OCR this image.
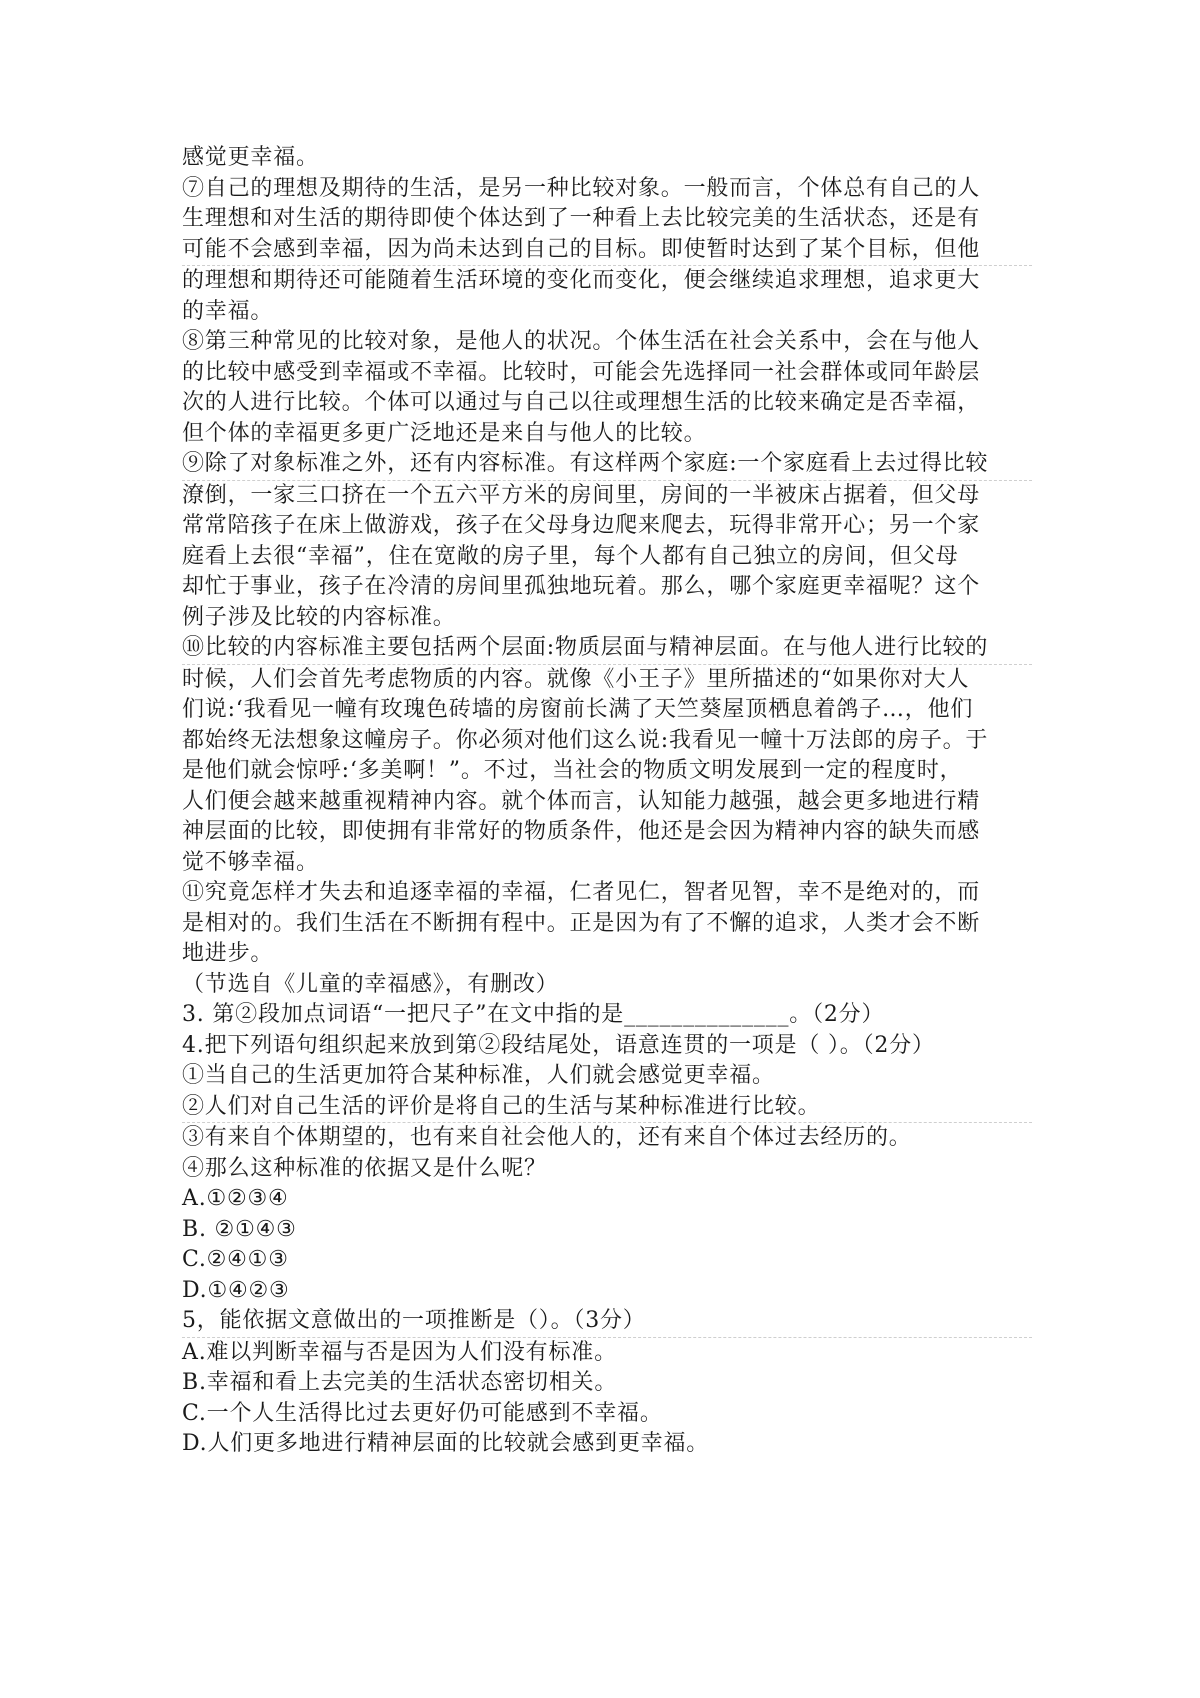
感觉更幸福。
⑦自己的理想及期待的生活，是另一种比较对象。一般而言，个体总有自己的人
生理想和对生活的期待即使个体达到了一种看上去比较完美的生活状态，还是有
可能不会感到幸福，因为尚未达到自己的目标。即使暂时达到了某个目标，但他
的理想和期待还可能随着生活环境的变化而变化，便会继续追求理想，追求更大
的幸福。
⑧第三种常见的比较对象，是他人的状况。个体生活在社会关系中，会在与他人
的比较中感受到幸福或不幸福。比较时，可能会先选择同一社会群体或同年龄层
次的人进行比较。个体可以通过与自己以往或理想生活的比较来确定是否幸福，
但个体的幸福更多更广泛地还是来自与他人的比较。
⑨除了对象标准之外，还有内容标准。有这样两个家庭:一个家庭看上去过得比较
潦倒，一家三口挤在一个五六平方米的房间里，房间的一半被床占据着，但父母
常常陪孩子在床上做游戏，孩子在父母身边爬来爬去，玩得非常开心；另一个家
庭看上去很“幸福”，住在宽敞的房子里，每个人都有自己独立的房间，但父母
却忙于事业，孩子在冷清的房间里孤独地玩着。那么，哪个家庭更幸福呢？这个
例子涉及比较的内容标准。
⑩比较的内容标准主要包括两个层面:物质层面与精神层面。在与他人进行比较的
时候，人们会首先考虑物质的内容。就像《小王子》里所描述的“如果你对大人
们说:‘我看见一幢有玫瑰色砖墙的房窗前长满了天竺葵屋顶栖息着鸽子…，他们
都始终无法想象这幢房子。你必须对他们这么说:我看见一幢十万法郎的房子。于
是他们就会惊呼:‘多美啊！”。不过，当社会的物质文明发展到一定的程度时，
人们便会越来越重视精神内容。就个体而言，认知能力越强，越会更多地进行精
神层面的比较，即使拥有非常好的物质条件，他还是会因为精神内容的缺失而感
觉不够幸福。
⑪究竟怎样才失去和追逐幸福的幸福，仁者见仁，智者见智，幸不是绝对的，而
是相对的。我们生活在不断拥有程中。正是因为有了不懈的追求，人类才会不断
地进步。
（节选自《儿童的幸福感》，有删改）
3. 第②段加点词语“一把尺子”在文中指的是______________。（2分）
4.把下列语句组织起来放到第②段结尾处，语意连贯的一项是（ ）。（2分）
①当自己的生活更加符合某种标准，人们就会感觉更幸福。
②人们对自己生活的评价是将自己的生活与某种标准进行比较。
③有来自个体期望的，也有来自社会他人的，还有来自个体过去经历的。
④那么这种标准的依据又是什么呢？
A.①②③④
B. ②①④③
C.②④①③
D.①④②③
5，能依据文意做出的一项推断是（）。（3分）
A.难以判断幸福与否是因为人们没有标准。
B.幸福和看上去完美的生活状态密切相关。
C.一个人生活得比过去更好仍可能感到不幸福。
D.人们更多地进行精神层面的比较就会感到更幸福。
